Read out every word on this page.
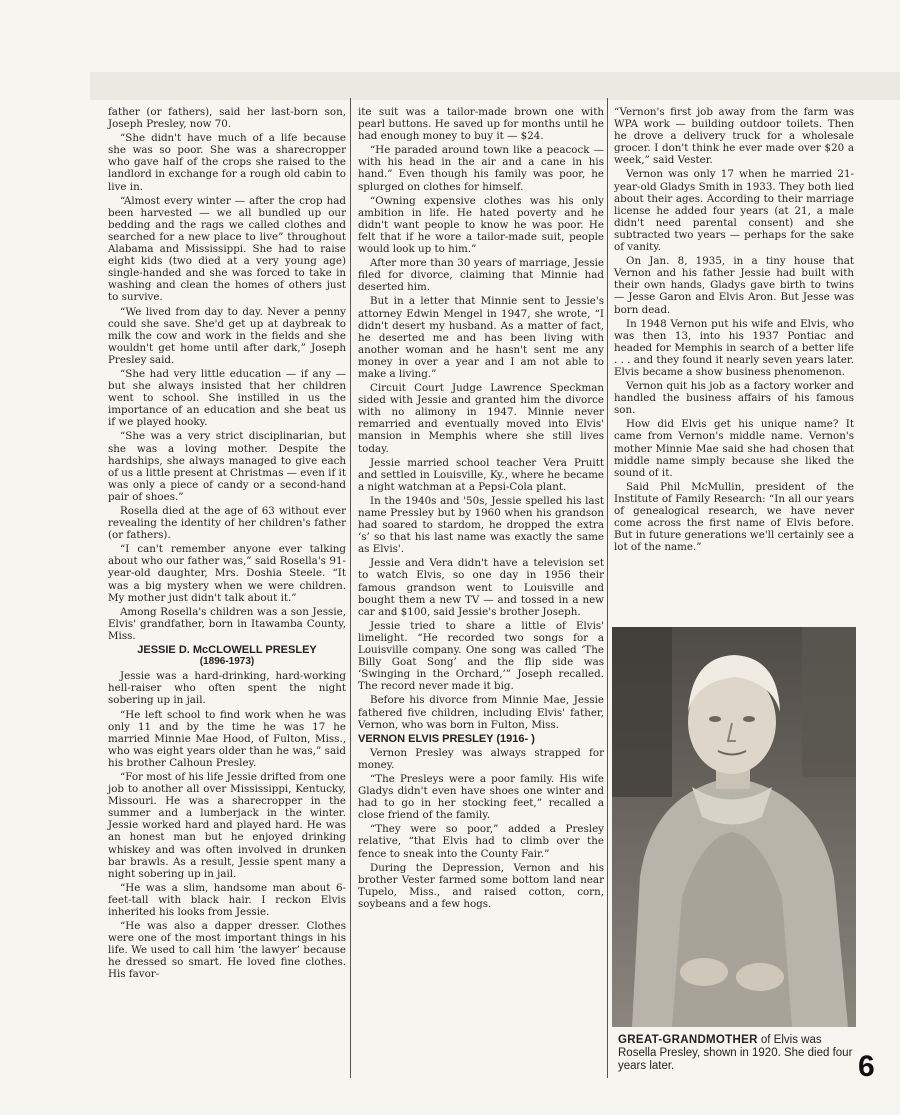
father (or fathers), said her last-born son, Joseph Presley, now 70.

“She didn't have much of a life because she was so poor. She was a sharecropper who gave half of the crops she raised to the landlord in exchange for a rough old cabin to live in.

“Almost every winter — after the crop had been harvested — we all bundled up our bedding and the rags we called clothes and searched for a new place to live” throughout Alabama and Mississippi. She had to raise eight kids (two died at a very young age) single-handed and she was forced to take in washing and clean the homes of others just to survive.

“We lived from day to day. Never a penny could she save. She'd get up at daybreak to milk the cow and work in the fields and she wouldn't get home until after dark,” Joseph Presley said.

“She had very little education — if any — but she always insisted that her children went to school. She instilled in us the importance of an education and she beat us if we played hooky.

“She was a very strict disciplinarian, but she was a loving mother. Despite the hardships, she always managed to give each of us a little present at Christmas — even if it was only a piece of candy or a second-hand pair of shoes.”

Rosella died at the age of 63 without ever revealing the identity of her children's father (or fathers).

“I can't remember anyone ever talking about who our father was,” said Rosella's 91-year-old daughter, Mrs. Doshia Steele. “It was a big mystery when we were children. My mother just didn't talk about it.”

Among Rosella's children was a son Jessie, Elvis' grandfather, born in Itawamba County, Miss.

JESSIE D. McCLOWELL PRESLEY
(1896-1973)

Jessie was a hard-drinking, hard-working hell-raiser who often spent the night sobering up in jail.

“He left school to find work when he was only 11 and by the time he was 17 he married Minnie Mae Hood, of Fulton, Miss., who was eight years older than he was,” said his brother Calhoun Presley.

“For most of his life Jessie drifted from one job to another all over Mississippi, Kentucky, Missouri. He was a sharecropper in the summer and a lumberjack in the winter. Jessie worked hard and played hard. He was an honest man but he enjoyed drinking whiskey and was often involved in drunken bar brawls. As a result, Jessie spent many a night sobering up in jail.

“He was a slim, handsome man about 6-feet-tall with black hair. I reckon Elvis inherited his looks from Jessie.

“He was also a dapper dresser. Clothes were one of the most important things in his life. We used to call him ‘the lawyer’ because he dressed so smart. He loved fine clothes. His favor-

ite suit was a tailor-made brown one with pearl buttons. He saved up for months until he had enough money to buy it — $24.

“He paraded around town like a peacock — with his head in the air and a cane in his hand.” Even though his family was poor, he splurged on clothes for himself.

“Owning expensive clothes was his only ambition in life. He hated poverty and he didn't want people to know he was poor. He felt that if he wore a tailor-made suit, people would look up to him.”

After more than 30 years of marriage, Jessie filed for divorce, claiming that Minnie had deserted him.

But in a letter that Minnie sent to Jessie's attorney Edwin Mengel in 1947, she wrote, “I didn't desert my husband. As a matter of fact, he deserted me and has been living with another woman and he hasn't sent me any money in over a year and I am not able to make a living.”

Circuit Court Judge Lawrence Speckman sided with Jessie and granted him the divorce with no alimony in 1947. Minnie never remarried and eventually moved into Elvis' mansion in Memphis where she still lives today.

Jessie married school teacher Vera Pruitt and settled in Louisville, Ky., where he became a night watchman at a Pepsi-Cola plant.

In the 1940s and '50s, Jessie spelled his last name Pressley but by 1960 when his grandson had soared to stardom, he dropped the extra ‘s’ so that his last name was exactly the same as Elvis'.

Jessie and Vera didn't have a television set to watch Elvis, so one day in 1956 their famous grandson went to Louisville and bought them a new TV — and tossed in a new car and $100, said Jessie's brother Joseph.

Jessie tried to share a little of Elvis' limelight. “He recorded two songs for a Louisville company. One song was called ‘The Billy Goat Song’ and the flip side was ‘Swinging in the Orchard,’” Joseph recalled. The record never made it big.

Before his divorce from Minnie Mae, Jessie fathered five children, including Elvis' father, Vernon, who was born in Fulton, Miss.

VERNON ELVIS PRESLEY (1916- )

Vernon Presley was always strapped for money.

“The Presleys were a poor family. His wife Gladys didn't even have shoes one winter and had to go in her stocking feet,” recalled a close friend of the family.

“They were so poor,” added a Presley relative, “that Elvis had to climb over the fence to sneak into the County Fair.”

During the Depression, Vernon and his brother Vester farmed some bottom land near Tupelo, Miss., and raised cotton, corn, soybeans and a few hogs.

“Vernon's first job away from the farm was WPA work — building outdoor toilets. Then he drove a delivery truck for a wholesale grocer. I don't think he ever made over $20 a week,” said Vester.

Vernon was only 17 when he married 21-year-old Gladys Smith in 1933. They both lied about their ages. According to their marriage license he added four years (at 21, a male didn't need parental consent) and she subtracted two years — perhaps for the sake of vanity.

On Jan. 8, 1935, in a tiny house that Vernon and his father Jessie had built with their own hands, Gladys gave birth to twins — Jesse Garon and Elvis Aron. But Jesse was born dead.

In 1948 Vernon put his wife and Elvis, who was then 13, into his 1937 Pontiac and headed for Memphis in search of a better life . . . and they found it nearly seven years later. Elvis became a show business phenomenon.

Vernon quit his job as a factory worker and handled the business affairs of his famous son.

How did Elvis get his unique name? It came from Vernon's middle name. Vernon's mother Minnie Mae said she had chosen that middle name simply because she liked the sound of it.

Said Phil McMullin, president of the Institute of Family Research: “In all our years of genealogical research, we have never come across the first name of Elvis before. But in future generations we'll certainly see a lot of the name.”

GREAT-GRANDMOTHER of Elvis was Rosella Presley, shown in 1920. She died four years later.	6
